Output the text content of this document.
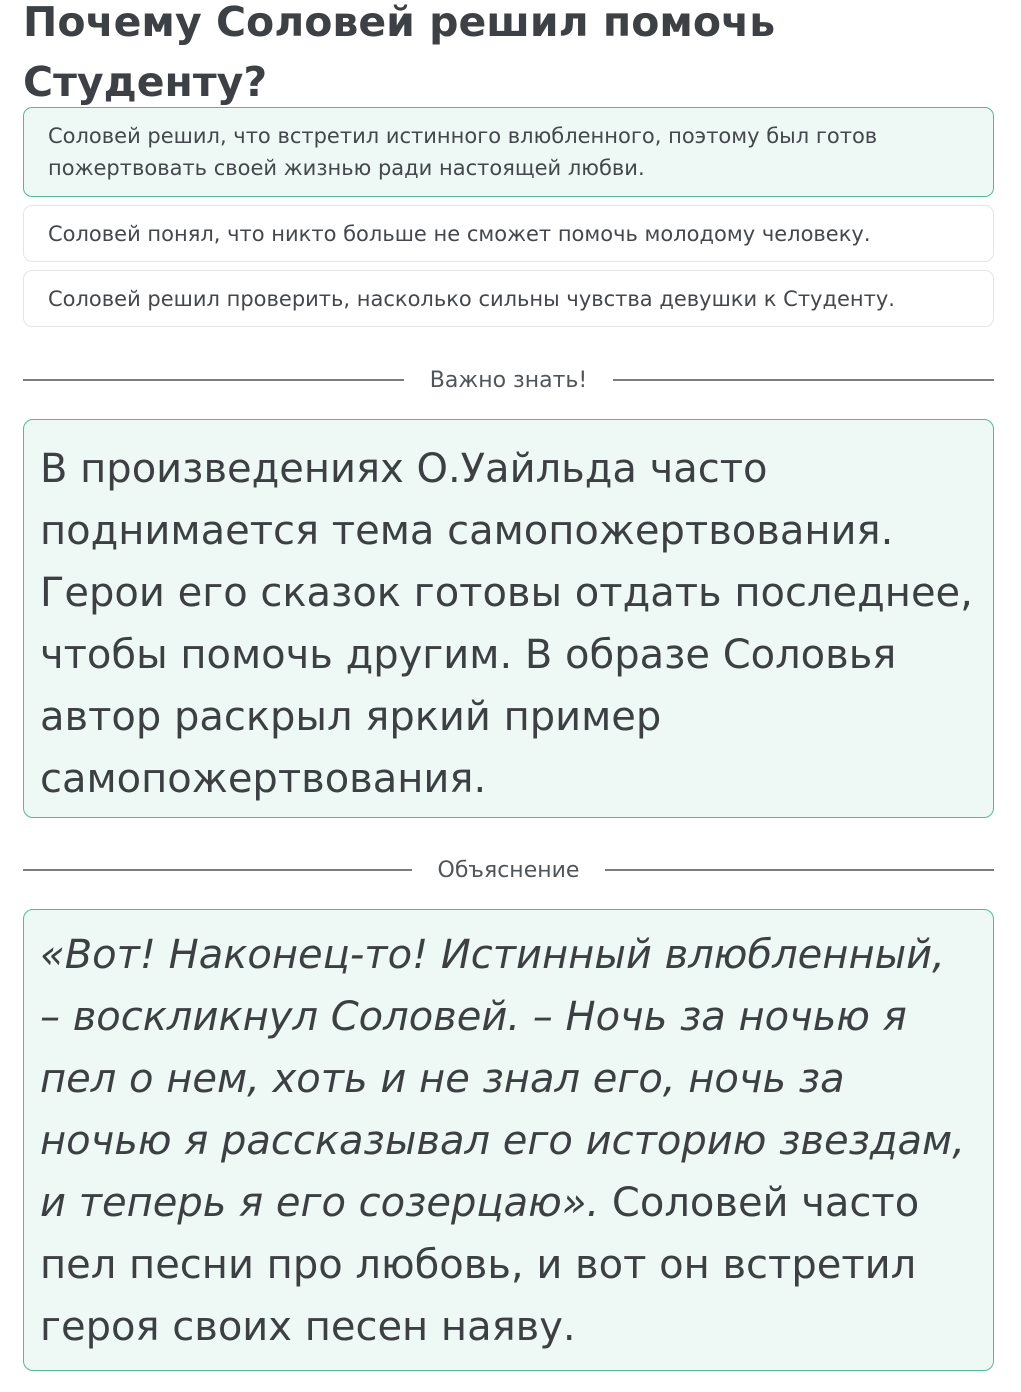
Почему Соловей решил помочь Студенту?
Соловей решил, что встретил истинного влюбленного, поэтому был готов пожертвовать своей жизнью ради настоящей любви.
Соловей понял, что никто больше не сможет помочь молодому человеку.
Соловей решил проверить, насколько сильны чувства девушки к Студенту.
Важно знать!
В произведениях О.Уайльда часто поднимается тема самопожертвования. Герои его сказок готовы отдать последнее, чтобы помочь другим. В образе Соловья автор раскрыл яркий пример самопожертвования.
Объяснение
«Вот! Наконец-то! Истинный влюбленный, – воскликнул Соловей. – Ночь за ночью я пел о нем, хоть и не знал его, ночь за ночью я рассказывал его историю звездам, и теперь я его созерцаю». Соловей часто пел песни про любовь, и вот он встретил героя своих песен наяву.
